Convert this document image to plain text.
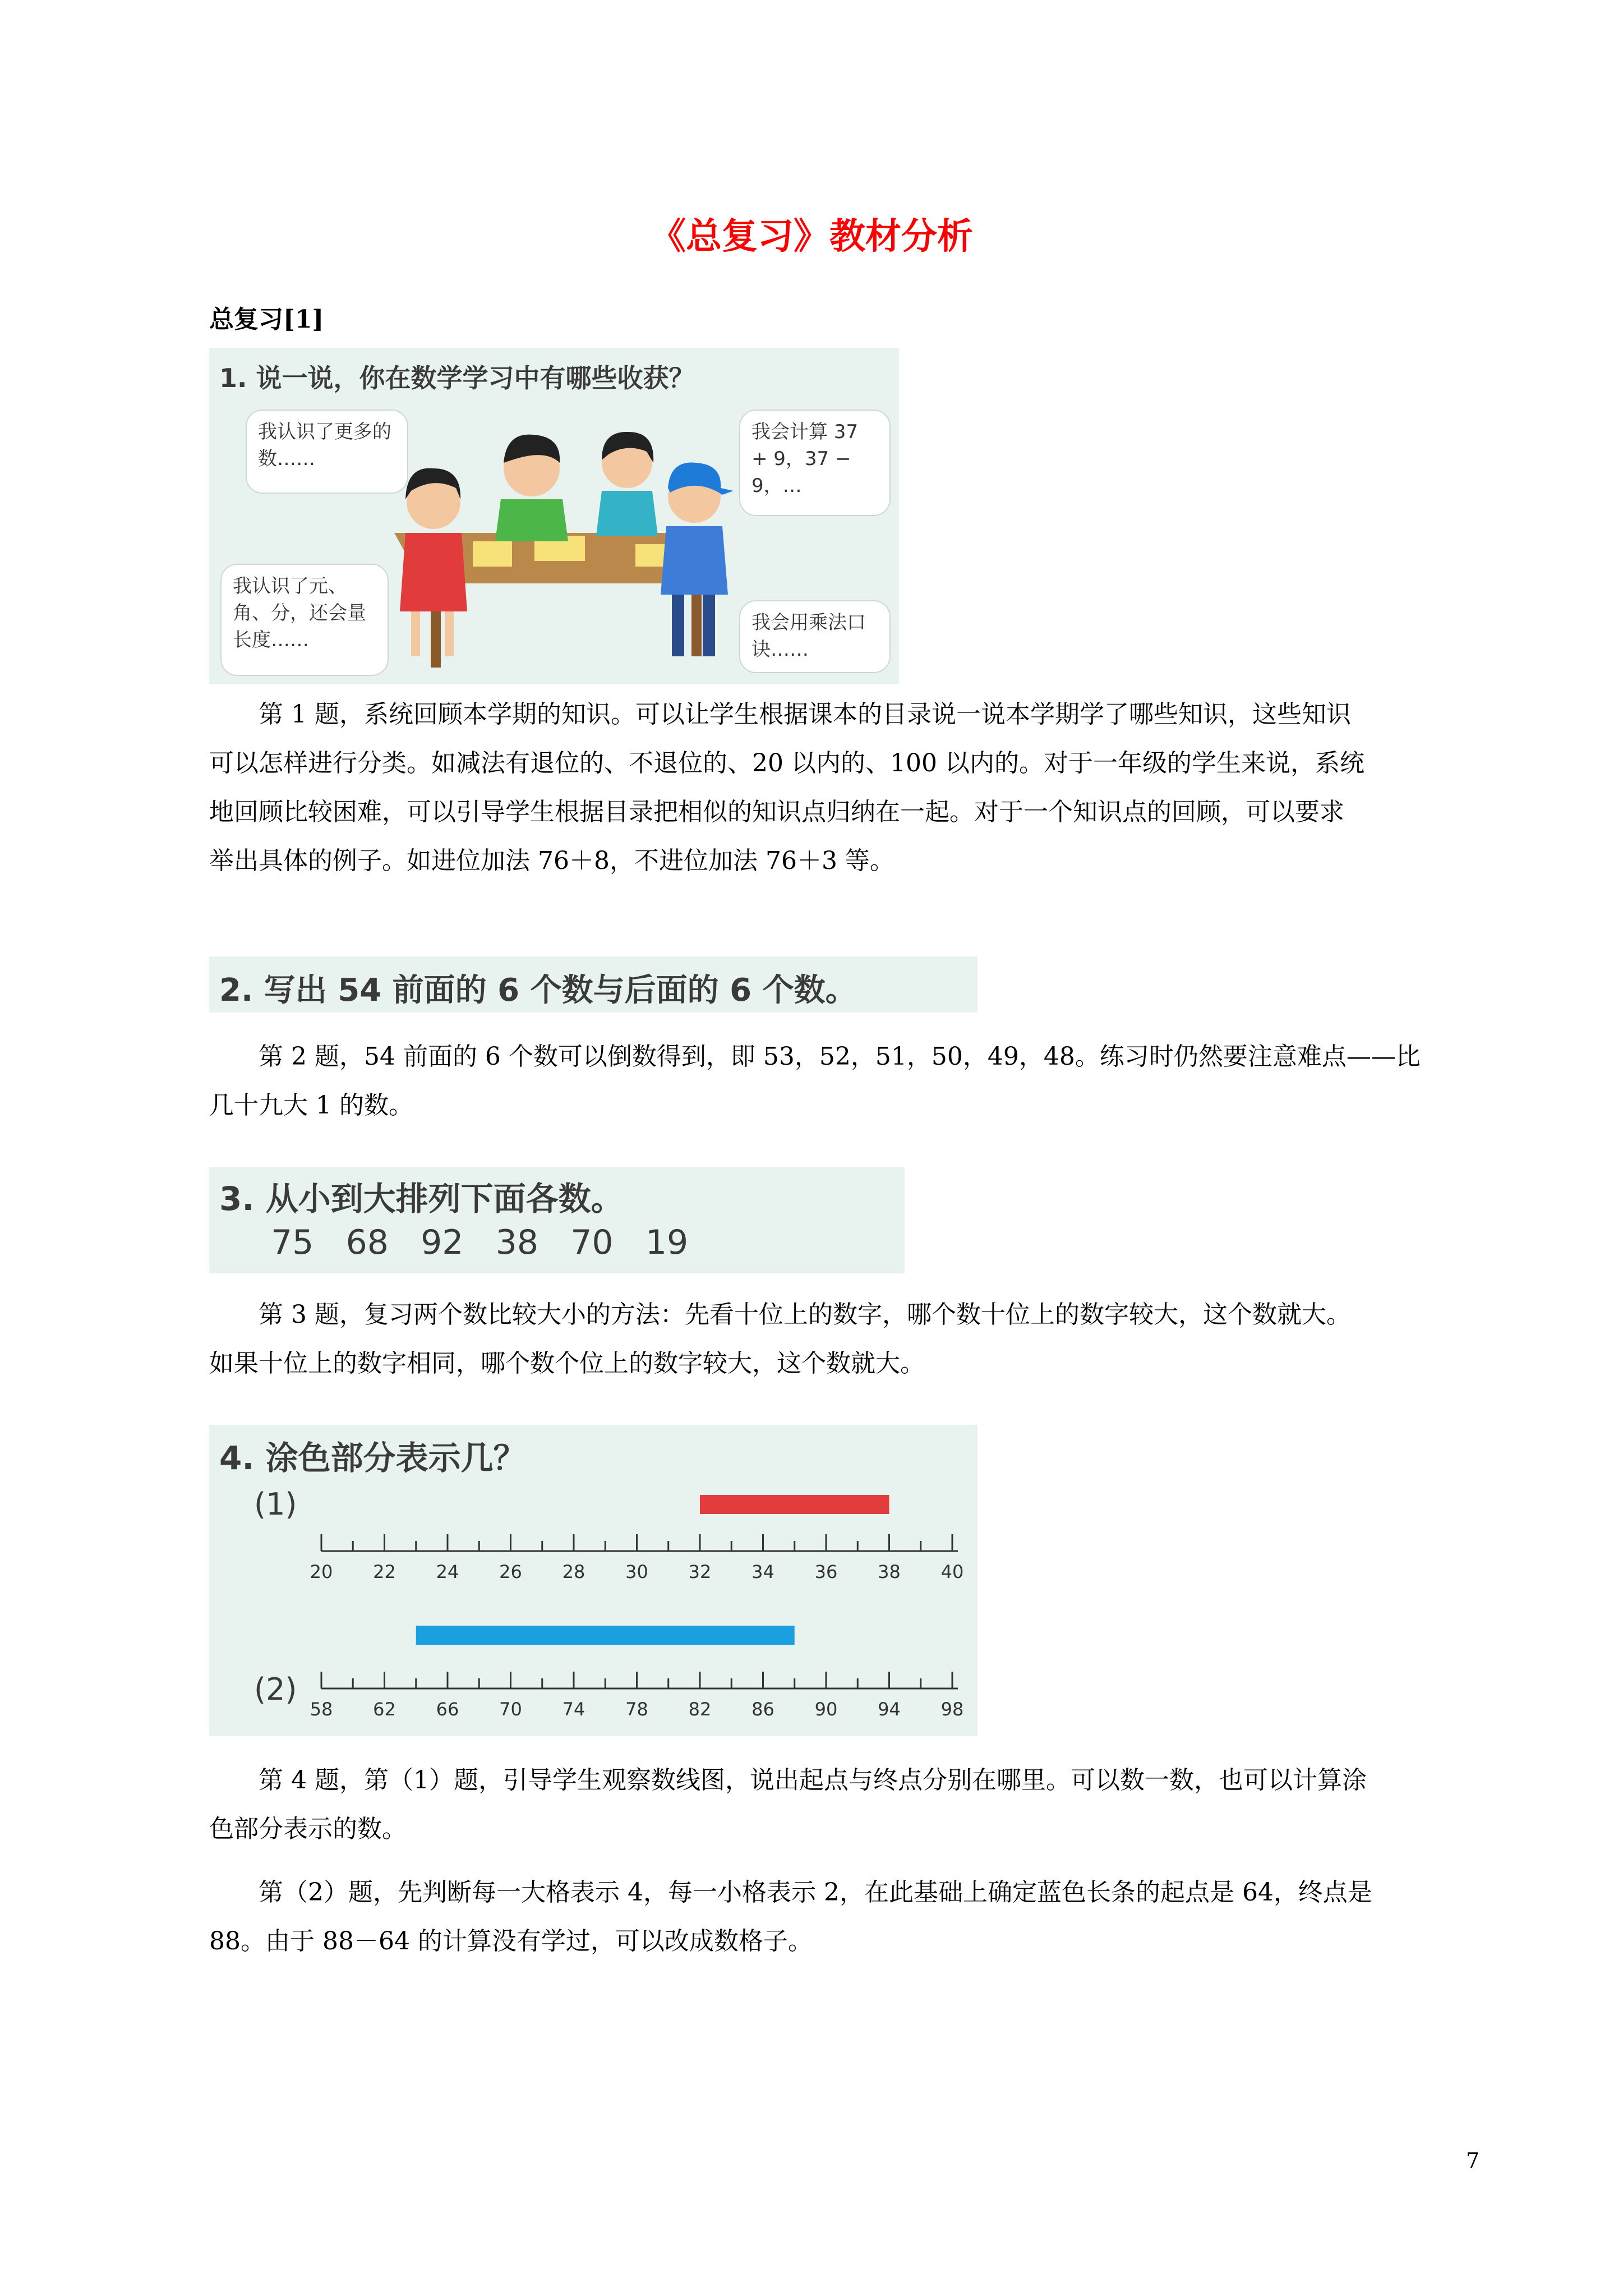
《总复习》教材分析
总复习[1]
1. 说一说，你在数学学习中有哪些收获？
我认识了更多的数……
我会计算 37 + 9，37 − 9，…
我认识了元、角、分，还会量长度……
我会用乘法口诀……
第 1 题，系统回顾本学期的知识。可以让学生根据课本的目录说一说本学期学了哪些知识，这些知识
可以怎样进行分类。如减法有退位的、不退位的、20 以内的、100 以内的。对于一年级的学生来说，系统
地回顾比较困难，可以引导学生根据目录把相似的知识点归纳在一起。对于一个知识点的回顾，可以要求
举出具体的例子。如进位加法 76＋8，不进位加法 76＋3 等。
2. 写出 54 前面的 6 个数与后面的 6 个数。
第 2 题，54 前面的 6 个数可以倒数得到，即 53，52，51，50，49，48。练习时仍然要注意难点——比
几十九大 1 的数。
3. 从小到大排列下面各数。
75   68   92   38   70   19
第 3 题，复习两个数比较大小的方法：先看十位上的数字，哪个数十位上的数字较大，这个数就大。
如果十位上的数字相同，哪个数个位上的数字较大，这个数就大。
4. 涂色部分表示几？
(1)
(2)
20 22 24 26 28 30 32 34 36 38 40
58 62 66 70 74 78 82 86 90 94 98
第 4 题，第（1）题，引导学生观察数线图，说出起点与终点分别在哪里。可以数一数，也可以计算涂
色部分表示的数。
第（2）题，先判断每一大格表示 4，每一小格表示 2，在此基础上确定蓝色长条的起点是 64，终点是
88。由于 88－64 的计算没有学过，可以改成数格子。
7
